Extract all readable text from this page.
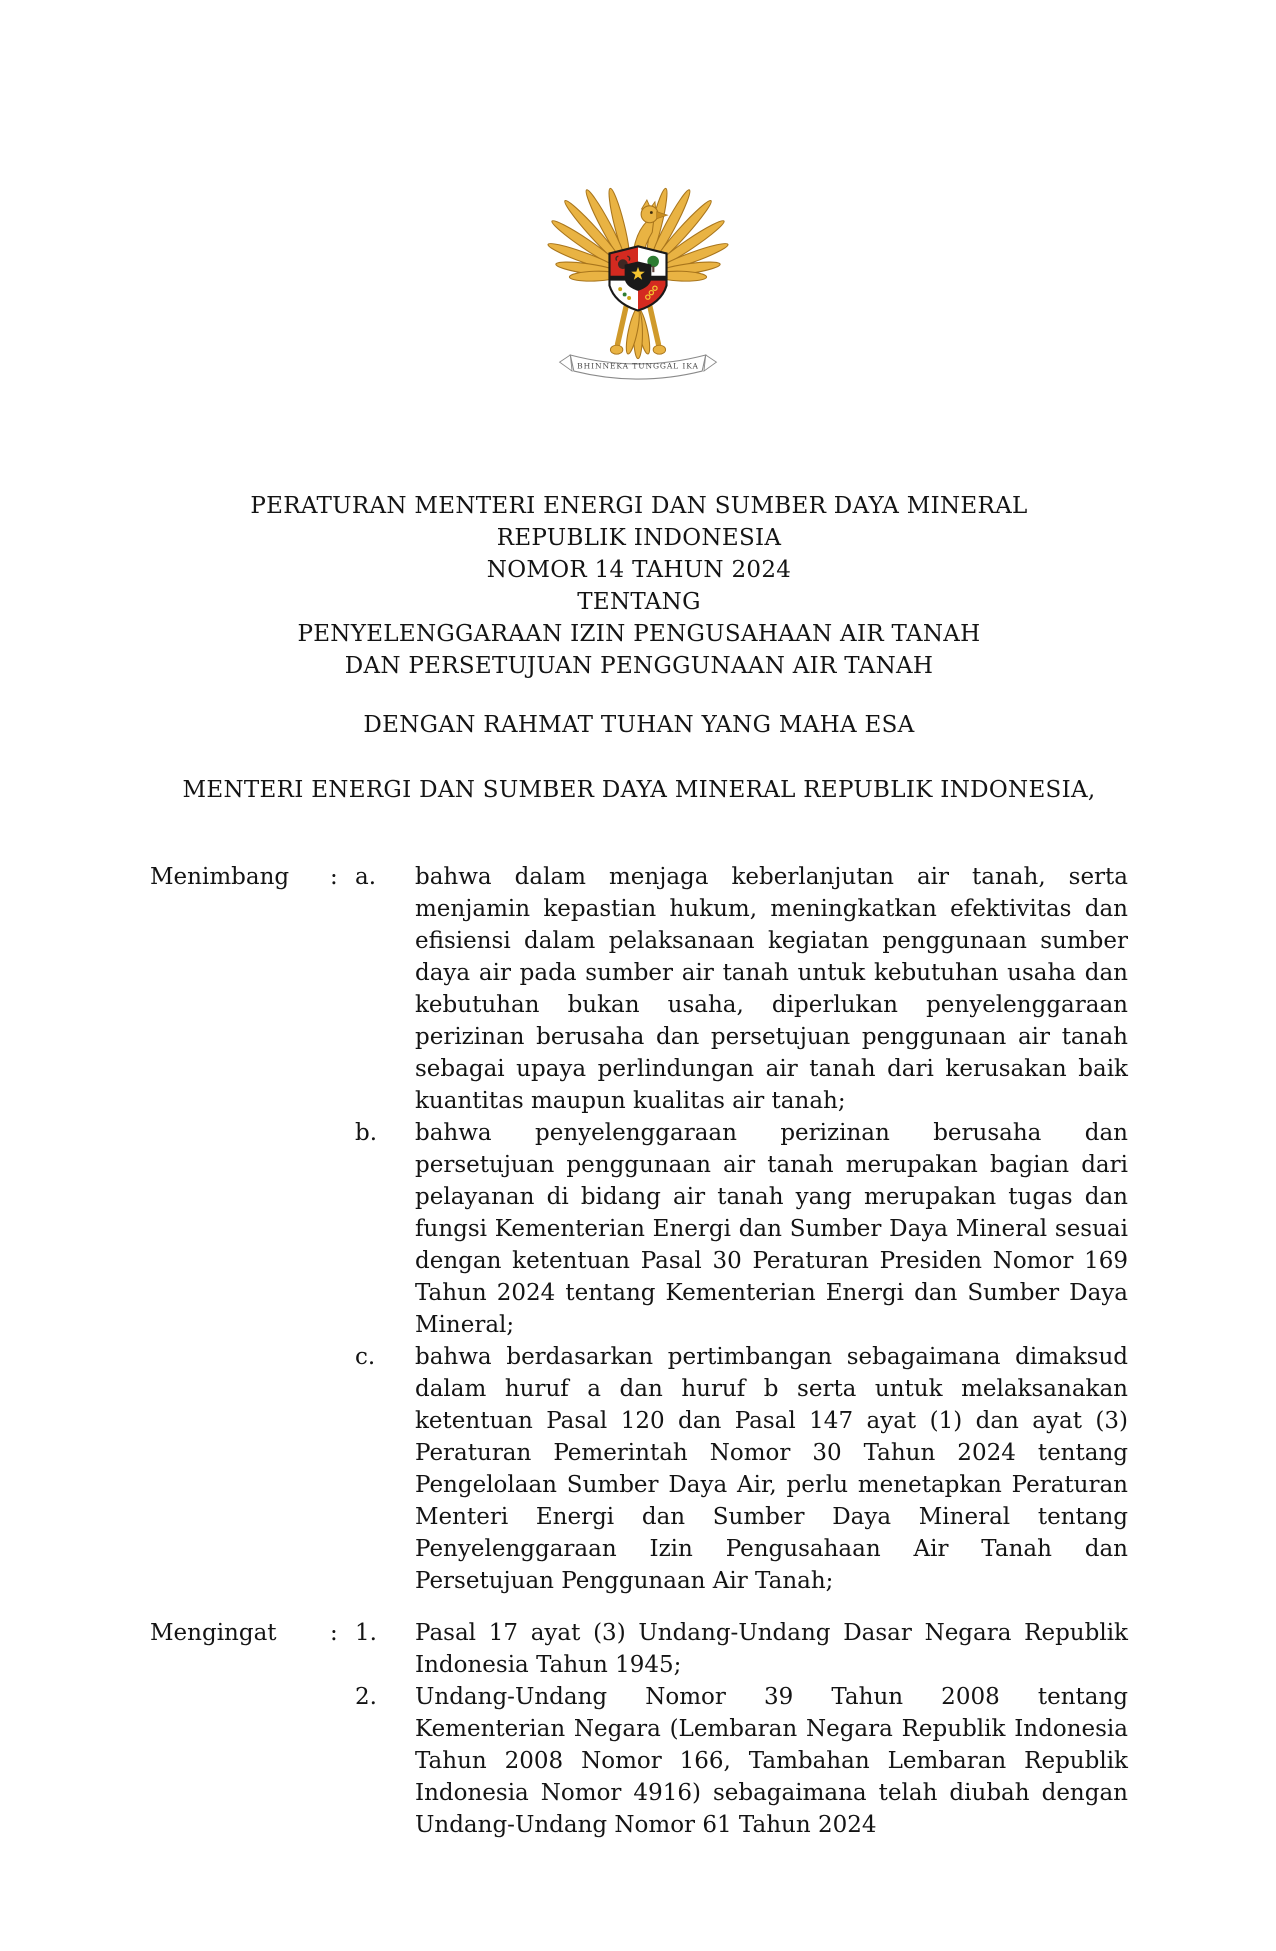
BHINNEKA TUNGGAL IKA
PERATURAN MENTERI ENERGI DAN SUMBER DAYA MINERAL
REPUBLIK INDONESIA
NOMOR 14 TAHUN 2024
TENTANG
PENYELENGGARAAN IZIN PENGUSAHAAN AIR TANAH
DAN PERSETUJUAN PENGGUNAAN AIR TANAH
DENGAN RAHMAT TUHAN YANG MAHA ESA
MENTERI ENERGI DAN SUMBER DAYA MINERAL REPUBLIK INDONESIA,
Menimbang	: a.	bahwa dalam menjaga keberlanjutan air tanah, serta menjamin kepastian hukum, meningkatkan efektivitas dan efisiensi dalam pelaksanaan kegiatan penggunaan sumber daya air pada sumber air tanah untuk kebutuhan usaha dan kebutuhan bukan usaha, diperlukan penyelenggaraan perizinan berusaha dan persetujuan penggunaan air tanah sebagai upaya perlindungan air tanah dari kerusakan baik kuantitas maupun kualitas air tanah;
b.	bahwa penyelenggaraan perizinan berusaha dan persetujuan penggunaan air tanah merupakan bagian dari pelayanan di bidang air tanah yang merupakan tugas dan fungsi Kementerian Energi dan Sumber Daya Mineral sesuai dengan ketentuan Pasal 30 Peraturan Presiden Nomor 169 Tahun 2024 tentang Kementerian Energi dan Sumber Daya Mineral;
c.	bahwa berdasarkan pertimbangan sebagaimana dimaksud dalam huruf a dan huruf b serta untuk melaksanakan ketentuan Pasal 120 dan Pasal 147 ayat (1) dan ayat (3) Peraturan Pemerintah Nomor 30 Tahun 2024 tentang Pengelolaan Sumber Daya Air, perlu menetapkan Peraturan Menteri Energi dan Sumber Daya Mineral tentang Penyelenggaraan Izin Pengusahaan Air Tanah dan Persetujuan Penggunaan Air Tanah;
Mengingat	: 1.	Pasal 17 ayat (3) Undang-Undang Dasar Negara Republik Indonesia Tahun 1945;
2.	Undang-Undang Nomor 39 Tahun 2008 tentang Kementerian Negara (Lembaran Negara Republik Indonesia Tahun 2008 Nomor 166, Tambahan Lembaran Republik Indonesia Nomor 4916) sebagaimana telah diubah dengan Undang-Undang Nomor 61 Tahun 2024
